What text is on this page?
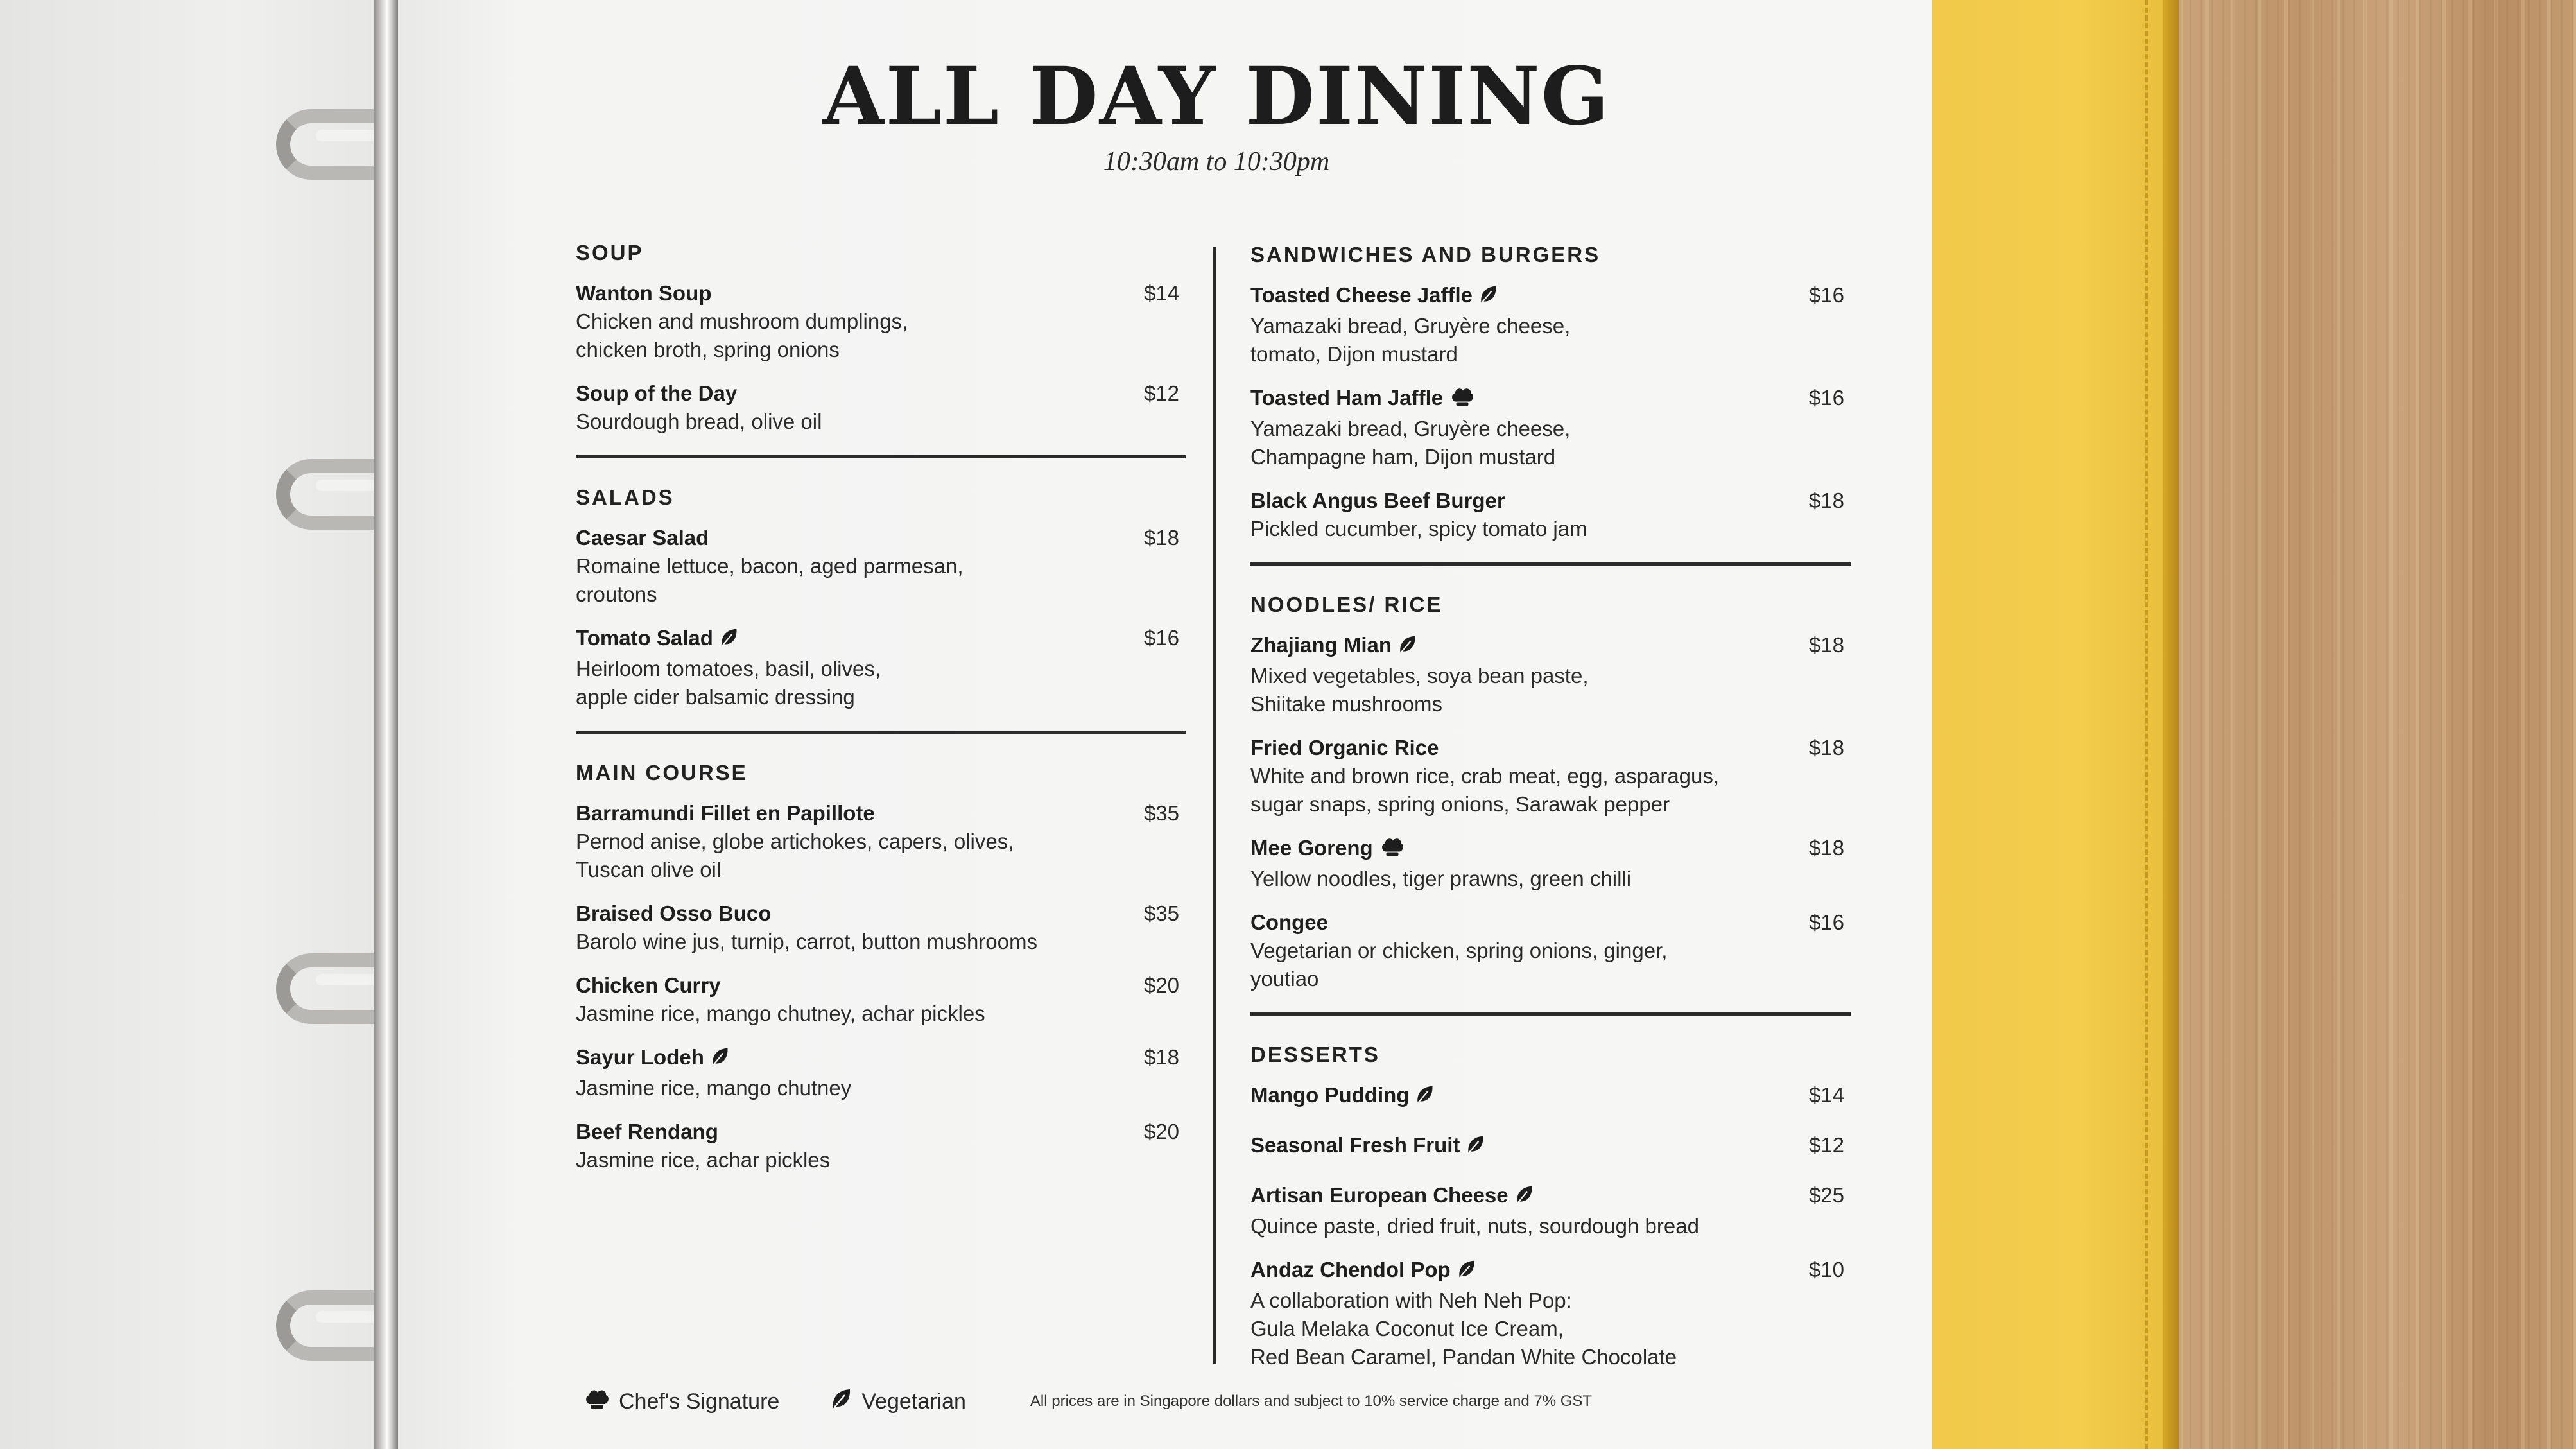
ALL DAY DINING
10:30am to 10:30pm
SOUP
Wanton Soup	$14
Chicken and mushroom dumplings,
chicken broth, spring onions
Soup of the Day	$12
Sourdough bread, olive oil
SALADS
Caesar Salad	$18
Romaine lettuce, bacon, aged parmesan,
croutons
Tomato Salad	$16
Heirloom tomatoes, basil, olives,
apple cider balsamic dressing
MAIN COURSE
Barramundi Fillet en Papillote	$35
Pernod anise, globe artichokes, capers, olives,
Tuscan olive oil
Braised Osso Buco	$35
Barolo wine jus, turnip, carrot, button mushrooms
Chicken Curry	$20
Jasmine rice, mango chutney, achar pickles
Sayur Lodeh	$18
Jasmine rice, mango chutney
Beef Rendang	$20
Jasmine rice, achar pickles
SANDWICHES AND BURGERS
Toasted Cheese Jaffle	$16
Yamazaki bread, Gruyère cheese,
tomato, Dijon mustard
Toasted Ham Jaffle	$16
Yamazaki bread, Gruyère cheese,
Champagne ham, Dijon mustard
Black Angus Beef Burger	$18
Pickled cucumber, spicy tomato jam
NOODLES/ RICE
Zhajiang Mian	$18
Mixed vegetables, soya bean paste,
Shiitake mushrooms
Fried Organic Rice	$18
White and brown rice, crab meat, egg, asparagus,
sugar snaps, spring onions, Sarawak pepper
Mee Goreng	$18
Yellow noodles, tiger prawns, green chilli
Congee	$16
Vegetarian or chicken, spring onions, ginger,
youtiao
DESSERTS
Mango Pudding	$14
Seasonal Fresh Fruit	$12
Artisan European Cheese	$25
Quince paste, dried fruit, nuts, sourdough bread
Andaz Chendol Pop	$10
A collaboration with Neh Neh Pop:
Gula Melaka Coconut Ice Cream,
Red Bean Caramel, Pandan White Chocolate
Chef's Signature	Vegetarian	All prices are in Singapore dollars and subject to 10% service charge and 7% GST
